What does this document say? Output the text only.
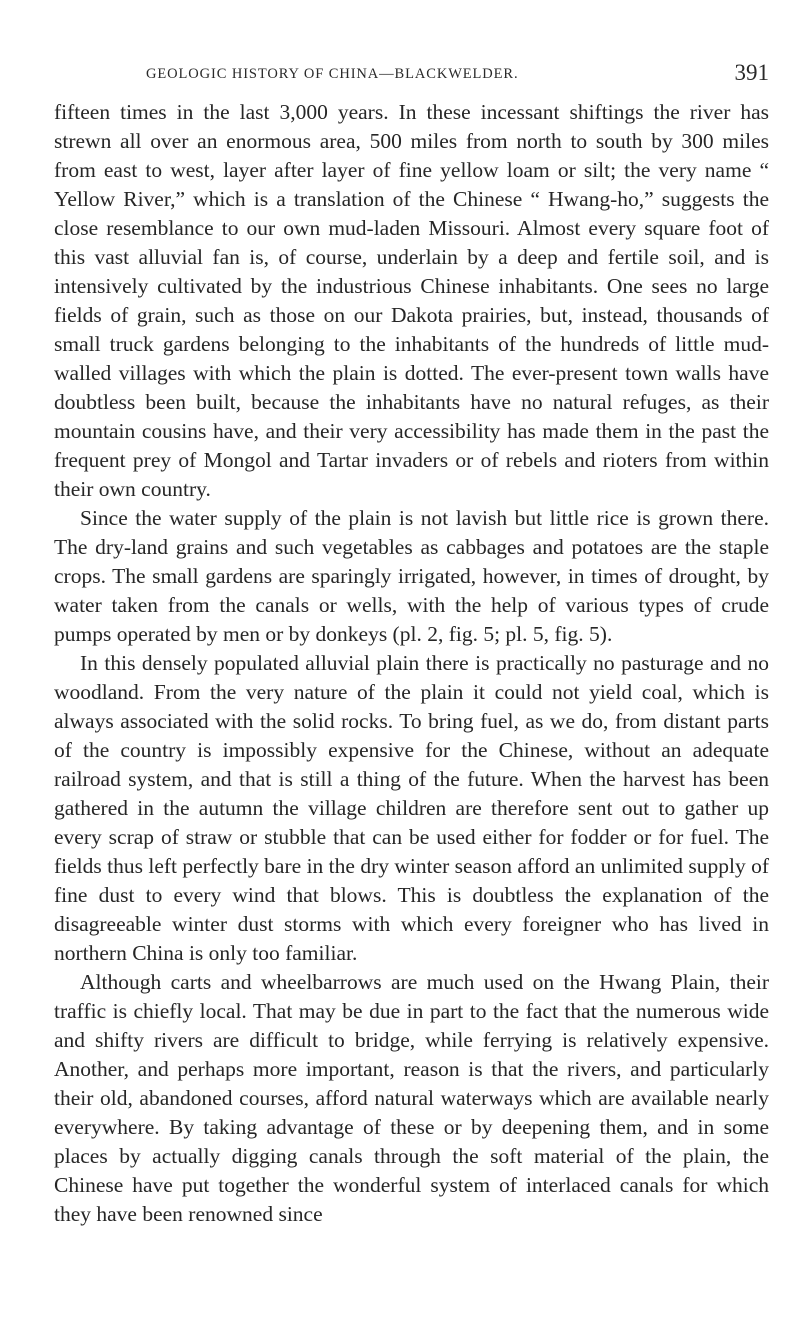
GEOLOGIC HISTORY OF CHINA—BLACKWELDER.	391

fifteen times in the last 3,000 years. In these incessant shiftings the river has strewn all over an enormous area, 500 miles from north to south by 300 miles from east to west, layer after layer of fine yellow loam or silt; the very name “ Yellow River,” which is a translation of the Chinese “ Hwang-ho,” suggests the close resemblance to our own mud-laden Missouri. Almost every square foot of this vast alluvial fan is, of course, underlain by a deep and fertile soil, and is intensively cultivated by the industrious Chinese inhabitants. One sees no large fields of grain, such as those on our Dakota prairies, but, instead, thousands of small truck gardens belonging to the inhabitants of the hundreds of little mud-walled villages with which the plain is dotted. The ever-present town walls have doubtless been built, because the inhabitants have no natural refuges, as their mountain cousins have, and their very accessibility has made them in the past the frequent prey of Mongol and Tartar invaders or of rebels and rioters from within their own country.

Since the water supply of the plain is not lavish but little rice is grown there. The dry-land grains and such vegetables as cabbages and potatoes are the staple crops. The small gardens are sparingly irrigated, however, in times of drought, by water taken from the canals or wells, with the help of various types of crude pumps operated by men or by donkeys (pl. 2, fig. 5; pl. 5, fig. 5).

In this densely populated alluvial plain there is practically no pasturage and no woodland. From the very nature of the plain it could not yield coal, which is always associated with the solid rocks. To bring fuel, as we do, from distant parts of the country is impossibly expensive for the Chinese, without an adequate railroad system, and that is still a thing of the future. When the harvest has been gathered in the autumn the village children are therefore sent out to gather up every scrap of straw or stubble that can be used either for fodder or for fuel. The fields thus left perfectly bare in the dry winter season afford an unlimited supply of fine dust to every wind that blows. This is doubtless the explanation of the disagreeable winter dust storms with which every foreigner who has lived in northern China is only too familiar.

Although carts and wheelbarrows are much used on the Hwang Plain, their traffic is chiefly local. That may be due in part to the fact that the numerous wide and shifty rivers are difficult to bridge, while ferrying is relatively expensive. Another, and perhaps more important, reason is that the rivers, and particularly their old, abandoned courses, afford natural waterways which are available nearly everywhere. By taking advantage of these or by deepening them, and in some places by actually digging canals through the soft material of the plain, the Chinese have put together the wonderful system of interlaced canals for which they have been renowned since
